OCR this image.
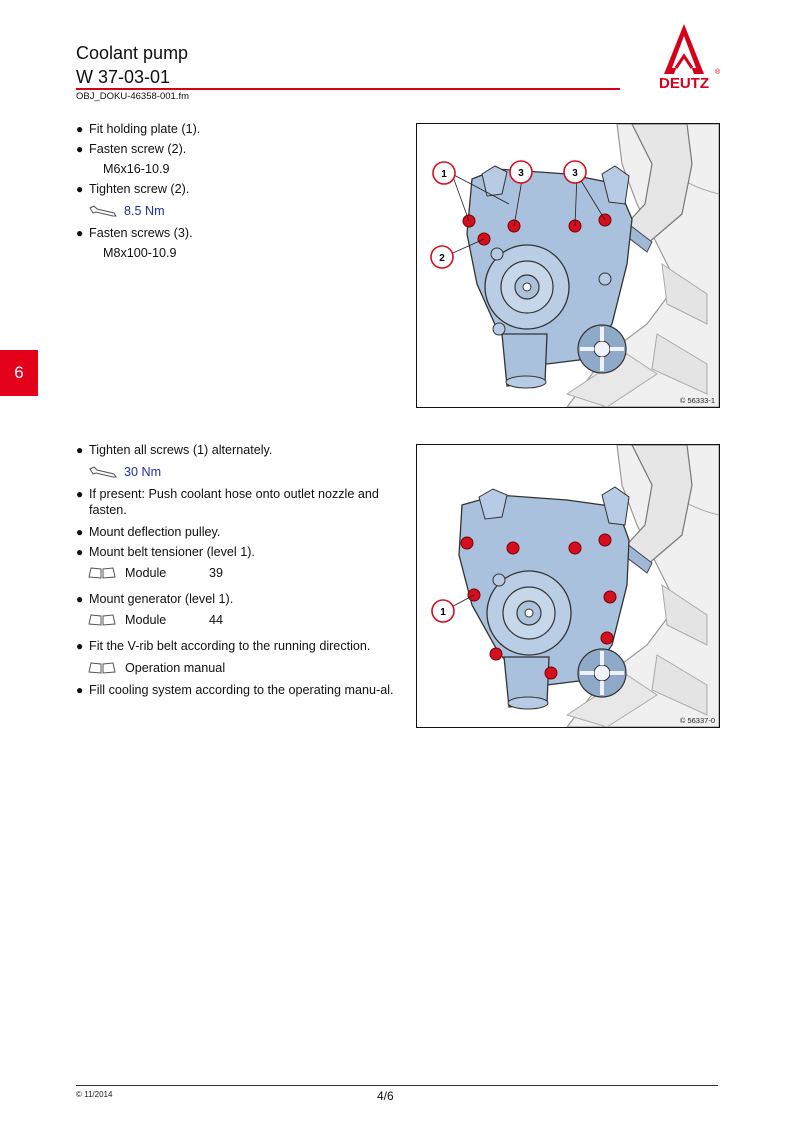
Coolant pump
W 37-03-01
OBJ_DOKU-46358-001.fm
DEUTZ
®
6
● Fit holding plate (1).
● Fasten screw (2).
M6x16-10.9
● Tighten screw (2).
8.5 Nm
● Fasten screws (3).
M8x100-10.9
1	3	3
2
© 56333-1
● Tighten all screws (1) alternately.
30 Nm
● If present: Push coolant hose onto outlet nozzle and fasten.
● Mount deflection pulley.
● Mount belt tensioner (level 1).
Module	39
● Mount generator (level 1).
Module	44
● Fit the V-rib belt according to the running direction.
Operation manual
● Fill cooling system according to the operating manu-al.
1
© 56337-0
© 11/2014	4/6
